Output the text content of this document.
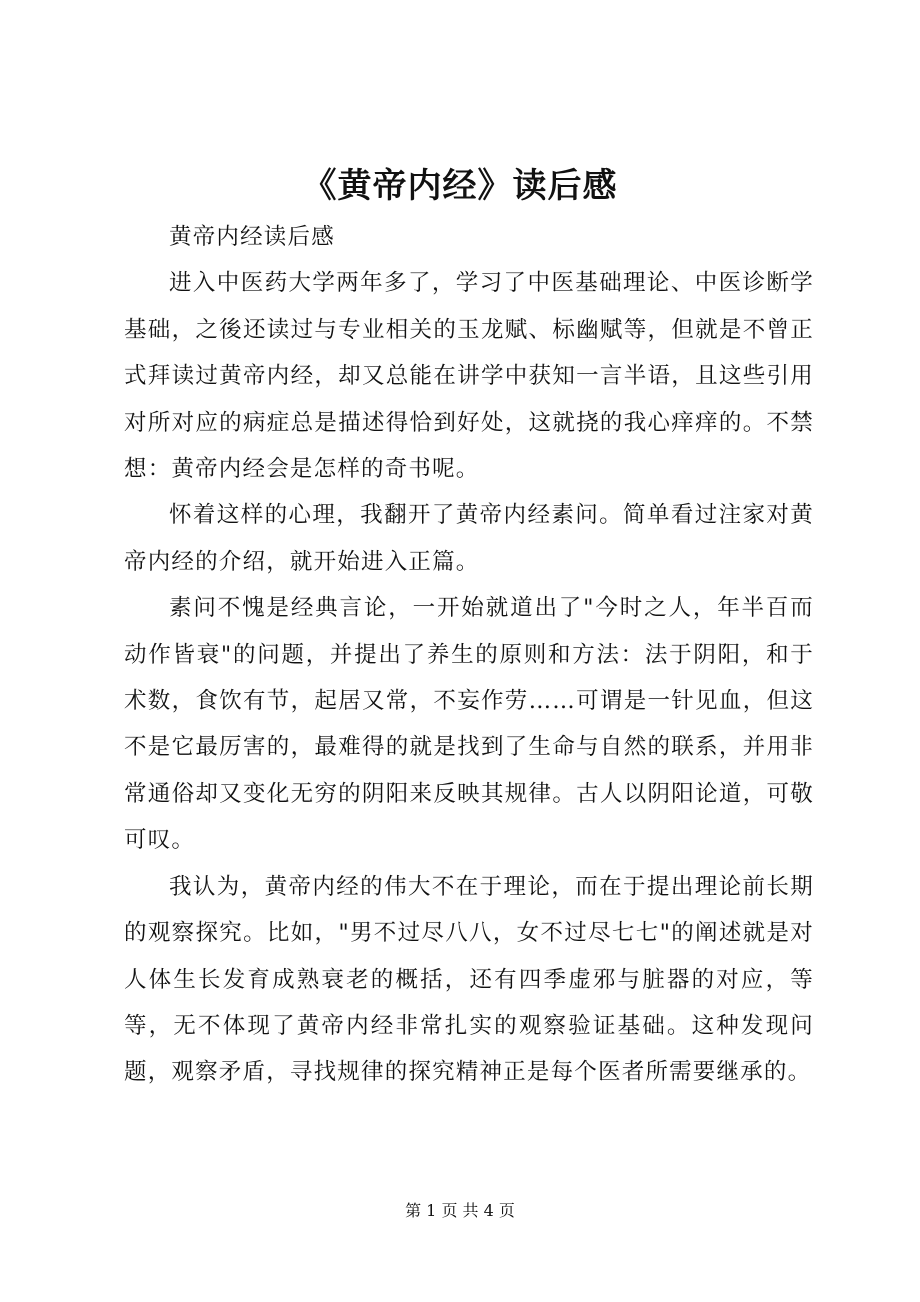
《黄帝内经》读后感

黄帝内经读后感

进入中医药大学两年多了，学习了中医基础理论、中医诊断学基础，之後还读过与专业相关的玉龙赋、标幽赋等，但就是不曾正式拜读过黄帝内经，却又总能在讲学中获知一言半语，且这些引用对所对应的病症总是描述得恰到好处，这就挠的我心痒痒的。不禁想：黄帝内经会是怎样的奇书呢。

怀着这样的心理，我翻开了黄帝内经素问。简单看过注家对黄帝内经的介绍，就开始进入正篇。

素问不愧是经典言论，一开始就道出了"今时之人，年半百而动作皆衰"的问题，并提出了养生的原则和方法：法于阴阳，和于术数，食饮有节，起居又常，不妄作劳……可谓是一针见血，但这不是它最厉害的，最难得的就是找到了生命与自然的联系，并用非常通俗却又变化无穷的阴阳来反映其规律。古人以阴阳论道，可敬可叹。

我认为，黄帝内经的伟大不在于理论，而在于提出理论前长期的观察探究。比如，"男不过尽八八，女不过尽七七"的阐述就是对人体生长发育成熟衰老的概括，还有四季虚邪与脏器的对应，等等，无不体现了黄帝内经非常扎实的观察验证基础。这种发现问题，观察矛盾，寻找规律的探究精神正是每个医者所需要继承的。

第 1 页 共 4 页
